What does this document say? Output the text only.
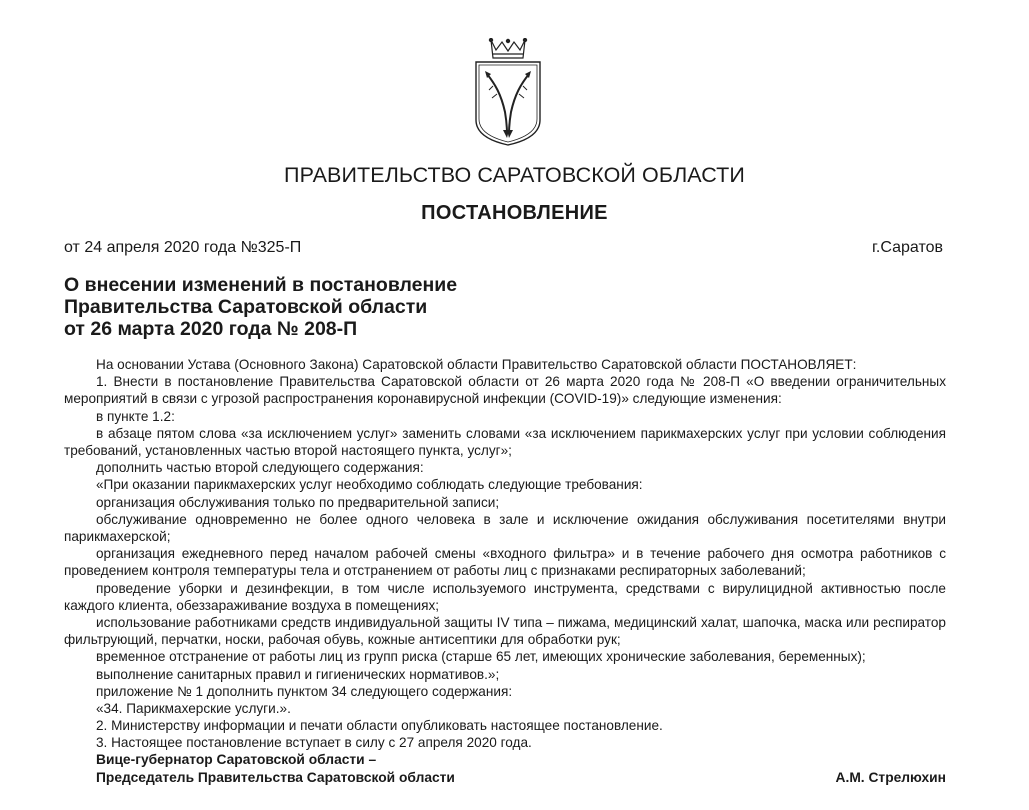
ПРАВИТЕЛЬСТВО САРАТОВСКОЙ ОБЛАСТИ
ПОСТАНОВЛЕНИЕ
от 24 апреля 2020 года №325-П	г.Саратов
О внесении изменений в постановление
Правительства Саратовской области
от 26 марта 2020 года № 208-П

На основании Устава (Основного Закона) Саратовской области Правительство Саратовской области ПОСТАНОВЛЯЕТ:

1. Внести в постановление Правительства Саратовской области от 26 марта 2020 года № 208-П «О введении ограничительных мероприятий в связи с угрозой распространения коронавирусной инфекции (COVID-19)» следующие изменения:

в пункте 1.2:

в абзаце пятом слова «за исключением услуг» заменить словами «за исключением парикмахерских услуг при условии соблюдения требований, установленных частью второй настоящего пункта, услуг»;

дополнить частью второй следующего содержания:

«При оказании парикмахерских услуг необходимо соблюдать следующие требования:

организация обслуживания только по предварительной записи;

обслуживание одновременно не более одного человека в зале и исключение ожидания обслуживания посетителями внутри парикмахерской;

организация ежедневного перед началом рабочей смены «входного фильтра» и в течение рабочего дня осмотра работников с проведением контроля температуры тела и отстранением от работы лиц с признаками респираторных заболеваний;

проведение уборки и дезинфекции, в том числе используемого инструмента, средствами с вирулицидной активностью после каждого клиента, обеззараживание воздуха в помещениях;

использование работниками средств индивидуальной защиты IV типа – пижама, медицинский халат, шапочка, маска или респиратор фильтрующий, перчатки, носки, рабочая обувь, кожные антисептики для обработки рук;

временное отстранение от работы лиц из групп риска (старше 65 лет, имеющих хронические заболевания, беременных);

выполнение санитарных правил и гигиенических нормативов.»;

приложение № 1 дополнить пунктом 34 следующего содержания:

«34. Парикмахерские услуги.».

2. Министерству информации и печати области опубликовать настоящее постановление.

3. Настоящее постановление вступает в силу с 27 апреля 2020 года.

Вице-губернатор Саратовской области –
Председатель Правительства Саратовской области	А.М. Стрелюхин
